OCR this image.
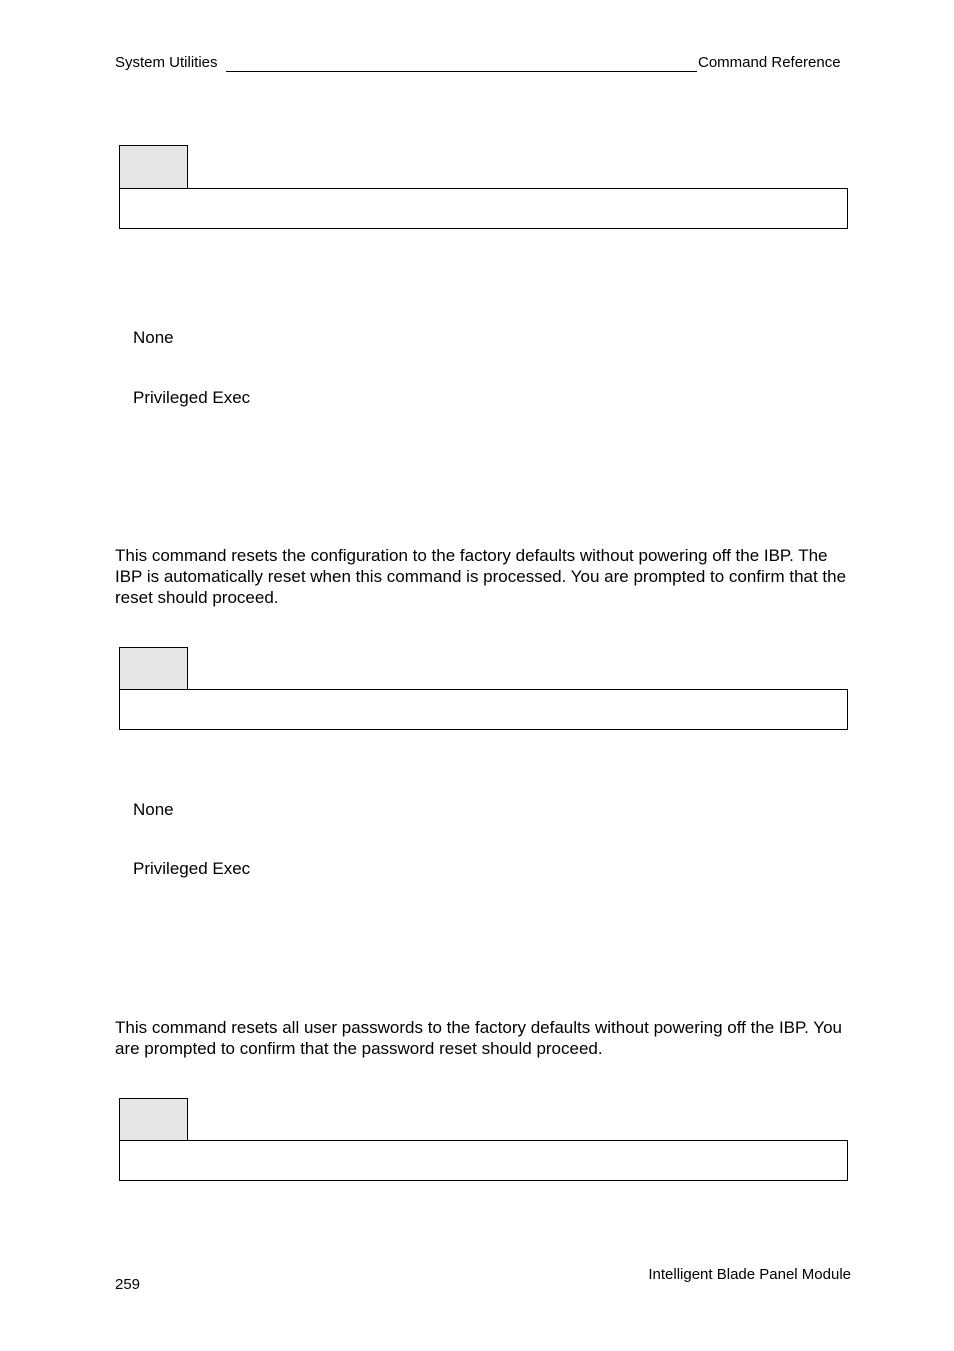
System Utilities	Command Reference
None
Privileged Exec
This command resets the configuration to the factory defaults without powering off the IBP. The IBP is automatically reset when this command is processed. You are prompted to confirm that the reset should proceed.
None
Privileged Exec
This command resets all user passwords to the factory defaults without powering off the IBP. You are prompted to confirm that the password reset should proceed.
259
Intelligent Blade Panel Module
